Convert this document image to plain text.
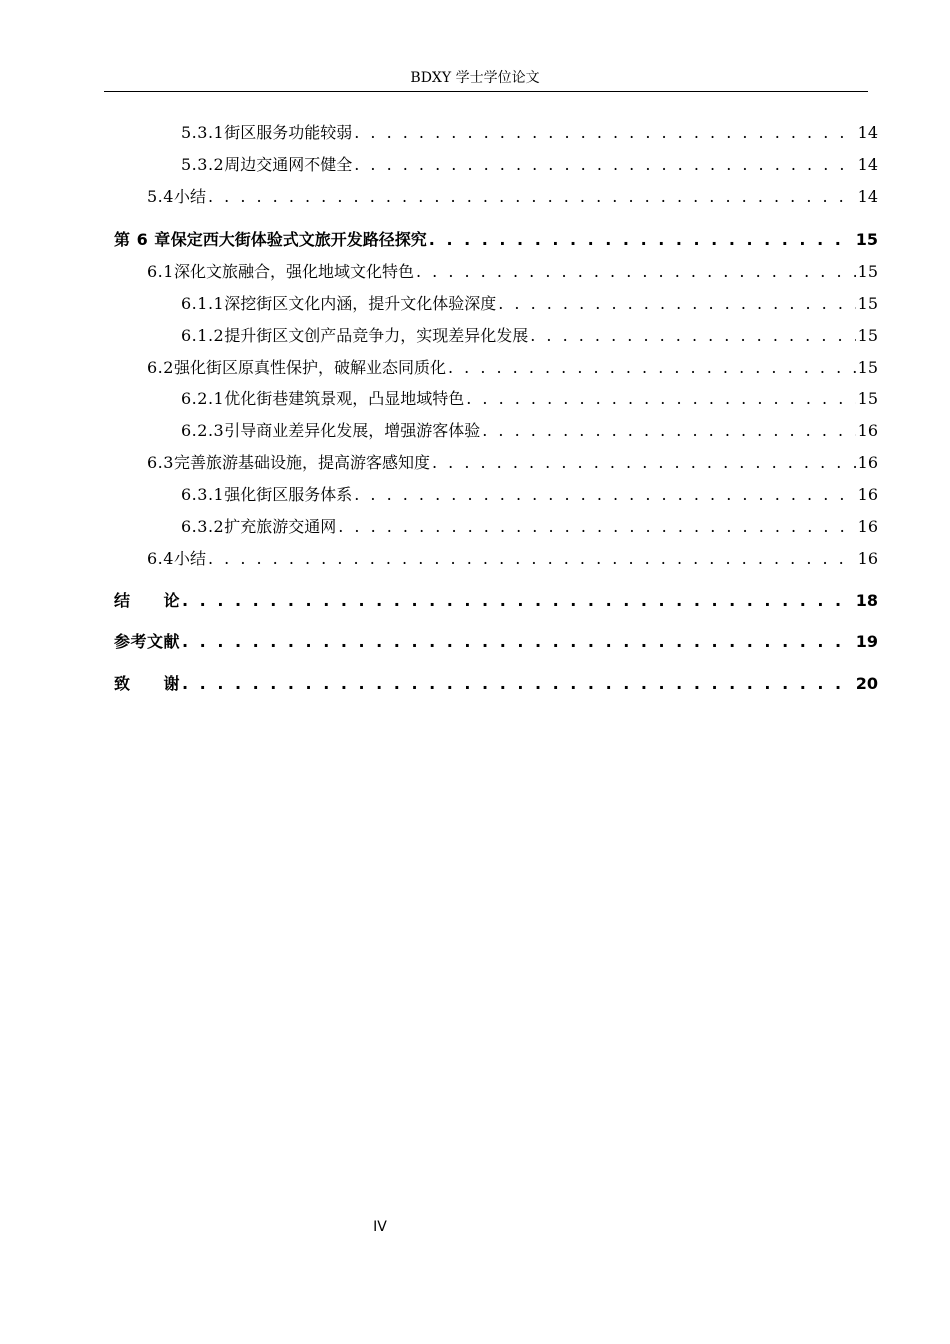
BDXY 学士学位论文
5.3.1 街区服务功能较弱 . . .	14
5.3.2 周边交通网不健全 . . .	14
5.4 小结 . . .	14
第 6 章 保定西大街体验式文旅开发路径探究 . . .	15
6.1 深化文旅融合，强化地域文化特色 . . .	15
6.1.1 深挖街区文化内涵，提升文化体验深度 . . .	15
6.1.2 提升街区文创产品竞争力，实现差异化发展 . . .	15
6.2 强化街区原真性保护，破解业态同质化 . . .	15
6.2.1 优化街巷建筑景观，凸显地域特色 . . .	15
6.2.3 引导商业差异化发展，增强游客体验 . . .	16
6.3 完善旅游基础设施，提高游客感知度 . . .	16
6.3.1 强化街区服务体系 . . .	16
6.3.2 扩充旅游交通网 . . .	16
6.4 小结 . . .	16
结　　论 . . .	18
参考文献 . . .	19
致　　谢 . . .	20
IV
